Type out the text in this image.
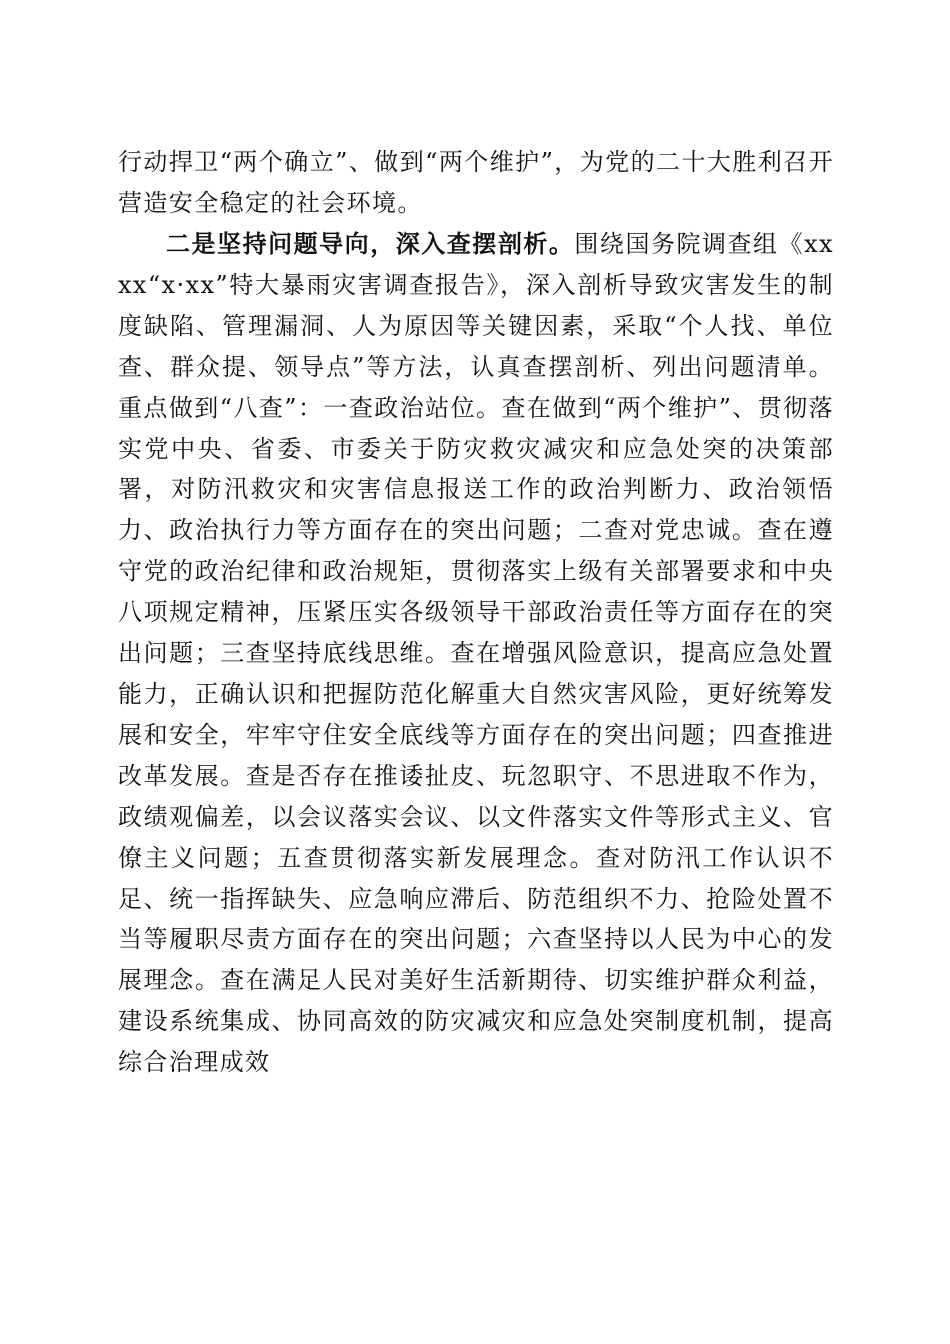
行动捍卫“两个确立”、做到“两个维护”，为党的二十大胜利召开营造安全稳定的社会环境。

二是坚持问题导向，深入查摆剖析。围绕国务院调查组《xxxx“x·xx”特大暴雨灾害调查报告》，深入剖析导致灾害发生的制度缺陷、管理漏洞、人为原因等关键因素，采取“个人找、单位查、群众提、领导点”等方法，认真查摆剖析、列出问题清单。重点做到“八查”：一查政治站位。查在做到“两个维护”、贯彻落实党中央、省委、市委关于防灾救灾减灾和应急处突的决策部署，对防汛救灾和灾害信息报送工作的政治判断力、政治领悟力、政治执行力等方面存在的突出问题；二查对党忠诚。查在遵守党的政治纪律和政治规矩，贯彻落实上级有关部署要求和中央八项规定精神，压紧压实各级领导干部政治责任等方面存在的突出问题；三查坚持底线思维。查在增强风险意识，提高应急处置能力，正确认识和把握防范化解重大自然灾害风险，更好统筹发展和安全，牢牢守住安全底线等方面存在的突出问题；四查推进改革发展。查是否存在推诿扯皮、玩忽职守、不思进取不作为，政绩观偏差，以会议落实会议、以文件落实文件等形式主义、官僚主义问题；五查贯彻落实新发展理念。查对防汛工作认识不足、统一指挥缺失、应急响应滞后、防范组织不力、抢险处置不当等履职尽责方面存在的突出问题；六查坚持以人民为中心的发展理念。查在满足人民对美好生活新期待、切实维护群众利益，建设系统集成、协同高效的防灾减灾和应急处突制度机制，提高综合治理成效
